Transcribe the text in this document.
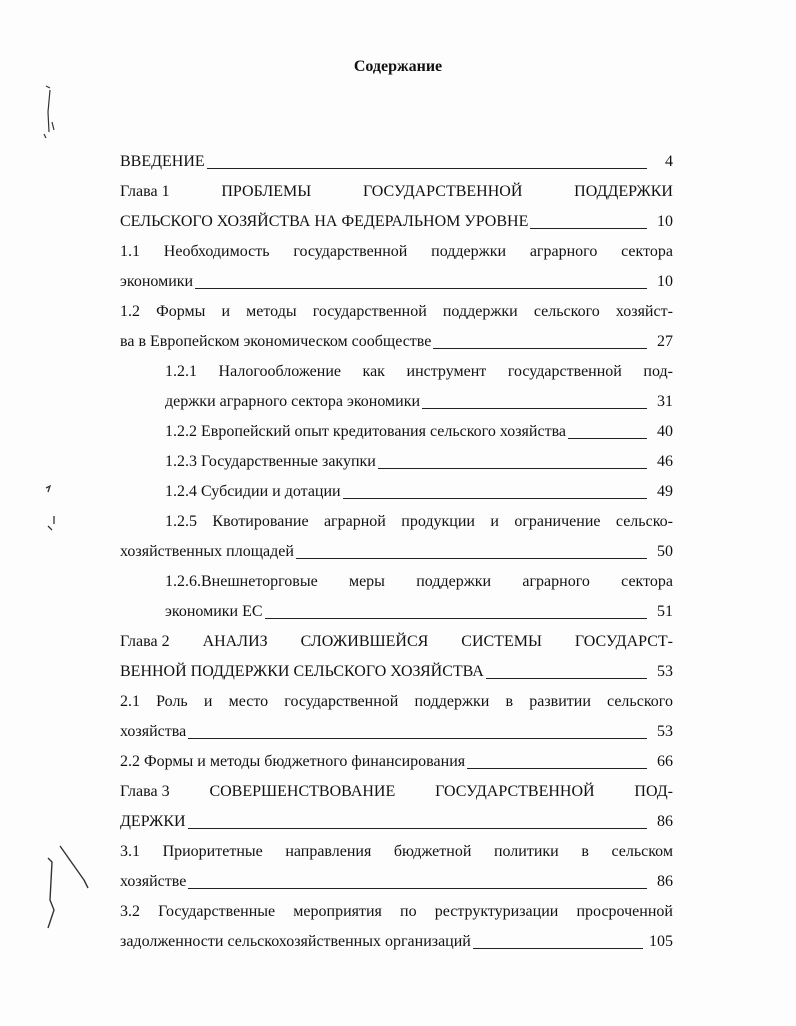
Содержание
ВВЕДЕНИЕ	4
Глава 1	ПРОБЛЕМЫ	ГОСУДАРСТВЕННОЙ	ПОДДЕРЖКИ
СЕЛЬСКОГО ХОЗЯЙСТВА НА ФЕДЕРАЛЬНОМ УРОВНЕ	10
1.1 Необходимость государственной поддержки аграрного сектора
экономики	10
1.2 Формы и методы государственной поддержки сельского хозяйст-
ва в Европейском экономическом сообществе	27
1.2.1 Налогообложение как инструмент государственной под-
держки аграрного сектора экономики	31
1.2.2 Европейский опыт кредитования сельского хозяйства	40
1.2.3 Государственные закупки	46
1.2.4 Субсидии и дотации	49
1.2.5 Квотирование аграрной продукции и ограничение сельско-
хозяйственных площадей	50
1.2.6.Внешнеторговые меры поддержки аграрного сектора
экономики ЕС	51
Глава 2 АНАЛИЗ СЛОЖИВШЕЙСЯ СИСТЕМЫ ГОСУДАРСТ-
ВЕННОЙ ПОДДЕРЖКИ СЕЛЬСКОГО ХОЗЯЙСТВА	53
2.1 Роль и место государственной поддержки в развитии сельского
хозяйства	53
2.2 Формы и методы бюджетного финансирования	66
Глава 3 СОВЕРШЕНСТВОВАНИЕ ГОСУДАРСТВЕННОЙ ПОД-
ДЕРЖКИ	86
3.1 Приоритетные направления бюджетной политики в сельском
хозяйстве	86
3.2 Государственные мероприятия по реструктуризации просроченной
задолженности сельскохозяйственных организаций	105
